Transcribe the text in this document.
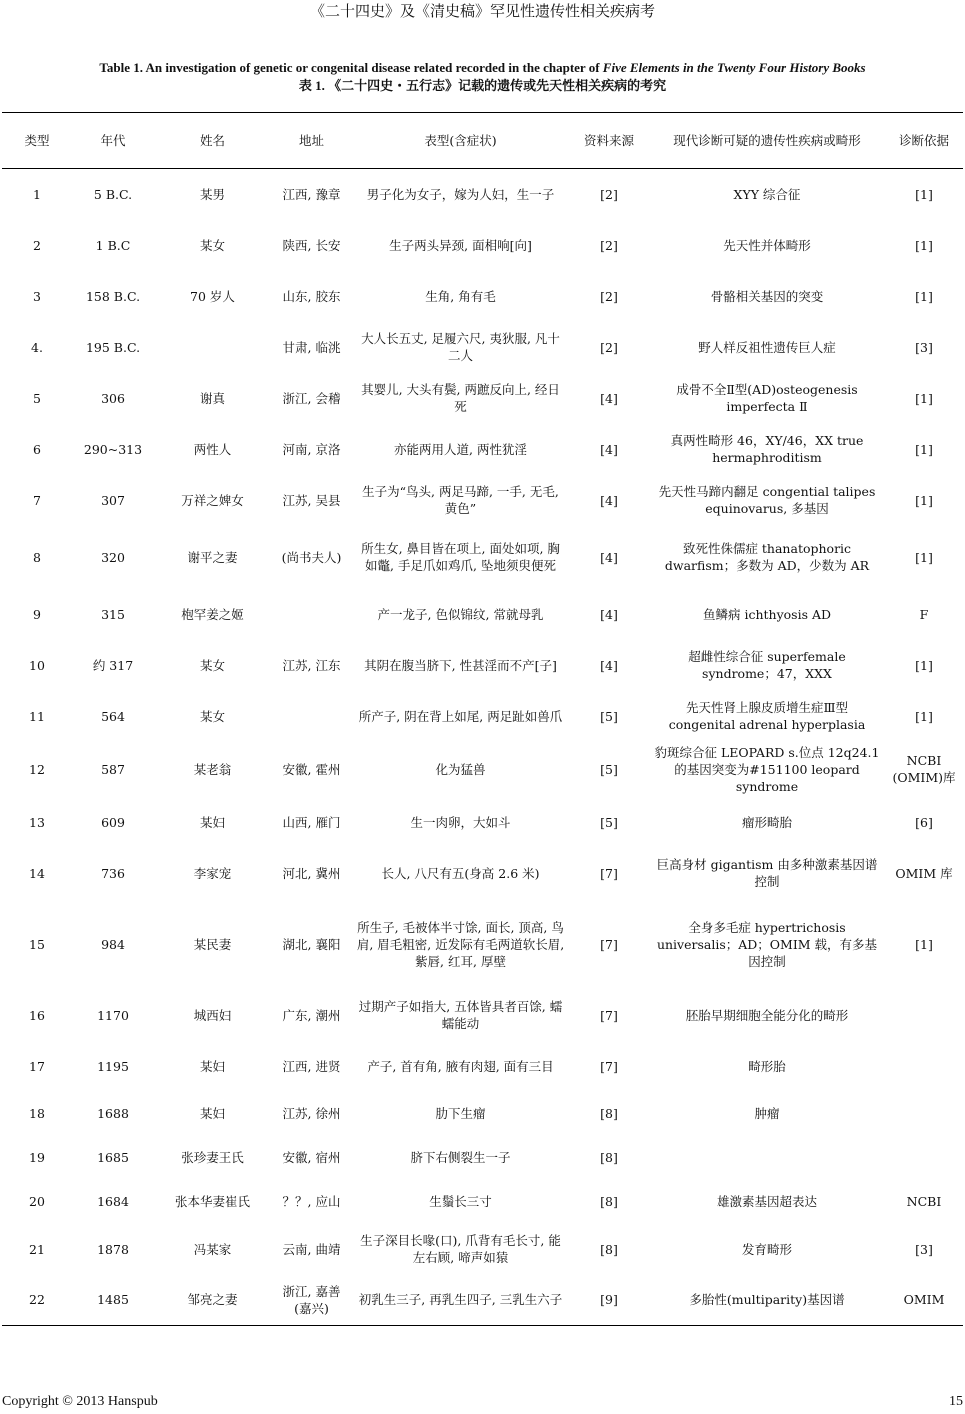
《二十四史》及《清史稿》罕见性遗传性相关疾病考
Table 1. An investigation of genetic or congenital disease related recorded in the chapter of Five Elements in the Twenty Four History Books
表 1. 《二十四史・五行志》记载的遗传或先天性相关疾病的考究
类型	年代	姓名	地址	表型(含症状)	资料来源	现代诊断可疑的遗传性疾病或畸形	诊断依据
1	5 B.C.	某男	江西, 豫章	男子化为女子，嫁为人妇，生一子	[2]	XYY 综合征	[1]
2	1 B.C	某女	陕西, 长安	生子两头异颈, 面相响[向]	[2]	先天性并体畸形	[1]
3	158 B.C.	70 岁人	山东, 胶东	生角, 角有毛	[2]	骨骼相关基因的突变	[1]
4.	195 B.C.		甘肃, 临洮	大人长五丈, 足履六尺, 夷狄服, 凡十二人	[2]	野人样反祖性遗传巨人症	[3]
5	306	谢真	浙江, 会稽	其婴儿, 大头有鬓, 两蹠反向上, 经日死	[4]	成骨不全Ⅱ型(AD)osteogenesis imperfecta Ⅱ	[1]
6	290~313	两性人	河南, 京洛	亦能两用人道, 两性犹淫	[4]	真两性畸形 46，XY/46，XX true hermaphroditism	[1]
7	307	万祥之婢女	江苏, 吴县	生子为“鸟头, 两足马蹄, 一手, 无毛, 黄色”	[4]	先天性马蹄内翻足 congential talipes equinovarus, 多基因	[1]
8	320	谢平之妻	(尚书夫人)	所生女, 鼻目皆在项上, 面处如项, 胸如鼈, 手足爪如鸡爪, 坠地须臾便死	[4]	致死性侏儒症 thanatophoric dwarfism；多数为 AD，少数为 AR	[1]
9	315	枹罕姜之姬		产一龙子, 色似锦纹, 常就母乳	[4]	鱼鳞病 ichthyosis AD	F
10	约 317	某女	江苏, 江东	其阴在腹当脐下, 性甚淫而不产[子]	[4]	超雌性综合征 superfemale syndrome；47，XXX	[1]
11	564	某女		所产子, 阴在背上如尾, 两足趾如兽爪	[5]	先天性肾上腺皮质增生症Ⅲ型 congenital adrenal hyperplasia	[1]
12	587	某老翁	安徽, 霍州	化为猛兽	[5]	豹斑综合征 LEOPARD s.位点 12q24.1 的基因突变为#151100 leopard syndrome	NCBI (OMIM)库
13	609	某妇	山西, 雁门	生一肉卵，大如斗	[5]	瘤形畸胎	[6]
14	736	李家宠	河北, 冀州	长人, 八尺有五(身高 2.6 米)	[7]	巨高身材 gigantism 由多种激素基因谱控制	OMIM 库
15	984	某民妻	湖北, 襄阳	所生子, 毛被体半寸馀, 面长, 顶高, 鸟肩, 眉毛粗密, 近发际有毛两道软长眉, 紫唇, 红耳, 厚壁	[7]	全身多毛症 hypertrichosis universalis；AD；OMIM 载，有多基因控制	[1]
16	1170	城西妇	广东, 潮州	过期产子如指大, 五体皆具者百馀, 蠕蠕能动	[7]	胚胎早期细胞全能分化的畸形	
17	1195	某妇	江西, 进贤	产子, 首有角, 腋有肉翅, 面有三目	[7]	畸形胎	
18	1688	某妇	江苏, 徐州	肋下生瘤	[8]	肿瘤	
19	1685	张珍妻王氏	安徽, 宿州	脐下右侧裂生一子	[8]		
20	1684	张本华妻崔氏	？？, 应山	生鬚长三寸	[8]	雄激素基因超表达	NCBI
21	1878	冯某家	云南, 曲靖	生子深目长喙(口), 爪背有毛长寸, 能左右顾, 啼声如猿	[8]	发育畸形	[3]
22	1485	邹亮之妻	浙江, 嘉善(嘉兴)	初乳生三子, 再乳生四子, 三乳生六子	[9]	多胎性(multiparity)基因谱	OMIM
Copyright © 2013 Hanspub	15
